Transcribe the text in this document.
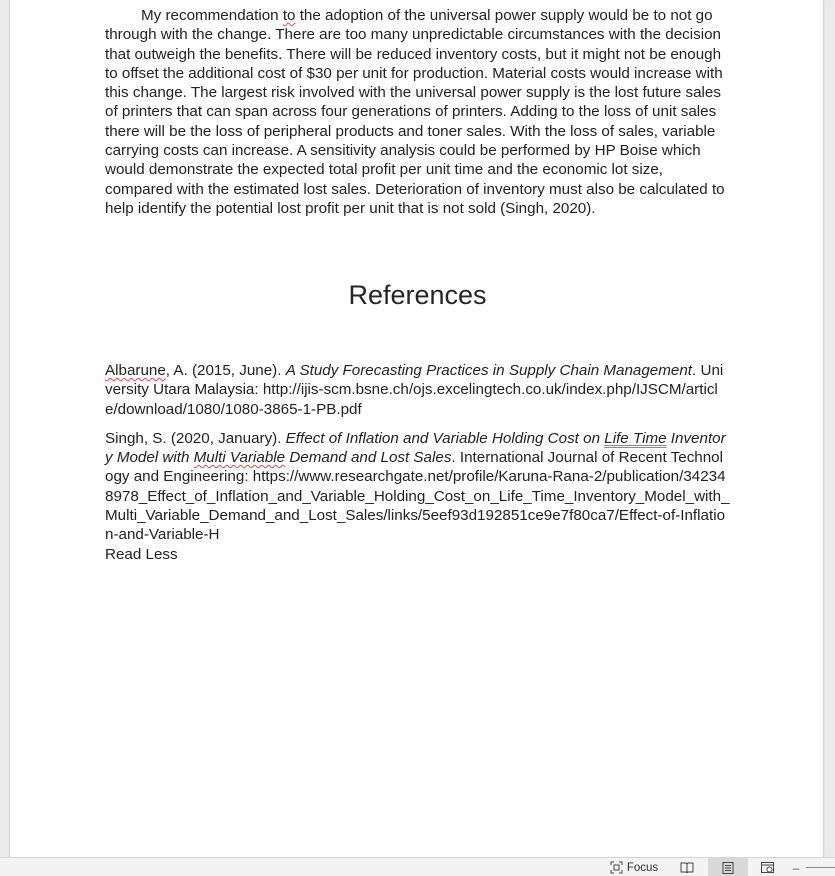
My recommendation to the adoption of the universal power supply would be to not go through with the change. There are too many unpredictable circumstances with the decision that outweigh the benefits. There will be reduced inventory costs, but it might not be enough to offset the additional cost of $30 per unit for production. Material costs would increase with this change. The largest risk involved with the universal power supply is the lost future sales of printers that can span across four generations of printers. Adding to the loss of unit sales there will be the loss of peripheral products and toner sales. With the loss of sales, variable carrying costs can increase. A sensitivity analysis could be performed by HP Boise which would demonstrate the expected total profit per unit time and the economic lot size, compared with the estimated lost sales. Deterioration of inventory must also be calculated to help identify the potential lost profit per unit that is not sold (Singh, 2020).
References

Albarune, A. (2015, June). A Study Forecasting Practices in Supply Chain Management. University Utara Malaysia: http://ijis-scm.bsne.ch/ojs.excelingtech.co.uk/index.php/IJSCM/article/download/1080/1080-3865-1-PB.pdf

Singh, S. (2020, January). Effect of Inflation and Variable Holding Cost on Life Time Inventory Model with Multi Variable Demand and Lost Sales. International Journal of Recent Technology and Engineering: https://www.researchgate.net/profile/Karuna-Rana-2/publication/342348978_Effect_of_Inflation_and_Variable_Holding_Cost_on_Life_Time_Inventory_Model_with_Multi_Variable_Demand_and_Lost_Sales/links/5eef93d192851ce9e7f80ca7/Effect-of-Inflation-and-Variable-H

Read Less
Focus	–
